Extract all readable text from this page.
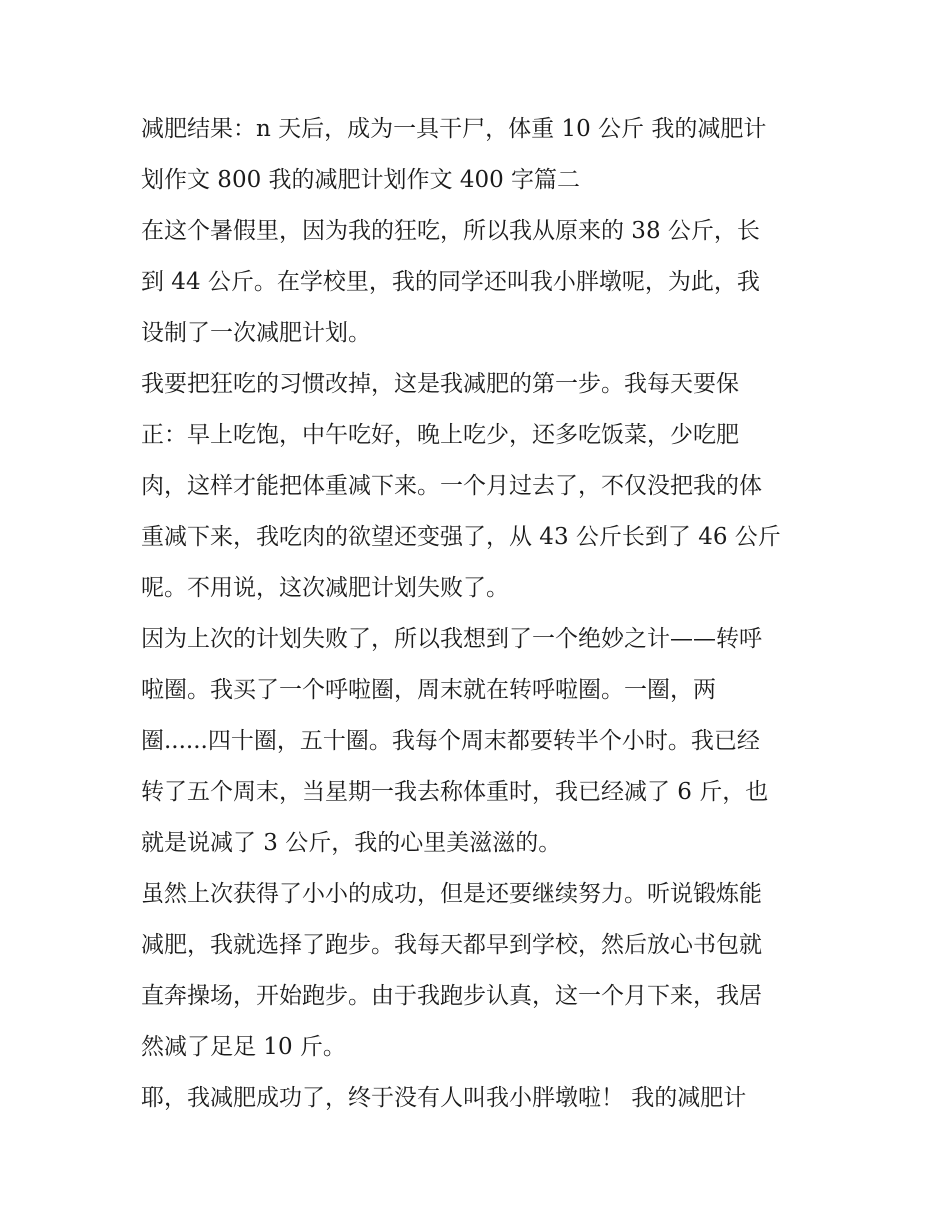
减肥结果：n 天后，成为一具干尸，体重 10 公斤 我的减肥计
划作文 800 我的减肥计划作文 400 字篇二
在这个暑假里，因为我的狂吃，所以我从原来的 38 公斤，长
到 44 公斤。在学校里，我的同学还叫我小胖墩呢，为此，我
设制了一次减肥计划。
我要把狂吃的习惯改掉，这是我减肥的第一步。我每天要保
正：早上吃饱，中午吃好，晚上吃少，还多吃饭菜，少吃肥
肉，这样才能把体重减下来。一个月过去了，不仅没把我的体
重减下来，我吃肉的欲望还变强了，从 43 公斤长到了 46 公斤
呢。不用说，这次减肥计划失败了。
因为上次的计划失败了，所以我想到了一个绝妙之计——转呼
啦圈。我买了一个呼啦圈，周末就在转呼啦圈。一圈，两
圈......四十圈，五十圈。我每个周末都要转半个小时。我已经
转了五个周末，当星期一我去称体重时，我已经减了 6 斤，也
就是说减了 3 公斤，我的心里美滋滋的。
虽然上次获得了小小的成功，但是还要继续努力。听说锻炼能
减肥，我就选择了跑步。我每天都早到学校，然后放心书包就
直奔操场，开始跑步。由于我跑步认真，这一个月下来，我居
然减了足足 10 斤。
耶，我减肥成功了，终于没有人叫我小胖墩啦！ 我的减肥计
